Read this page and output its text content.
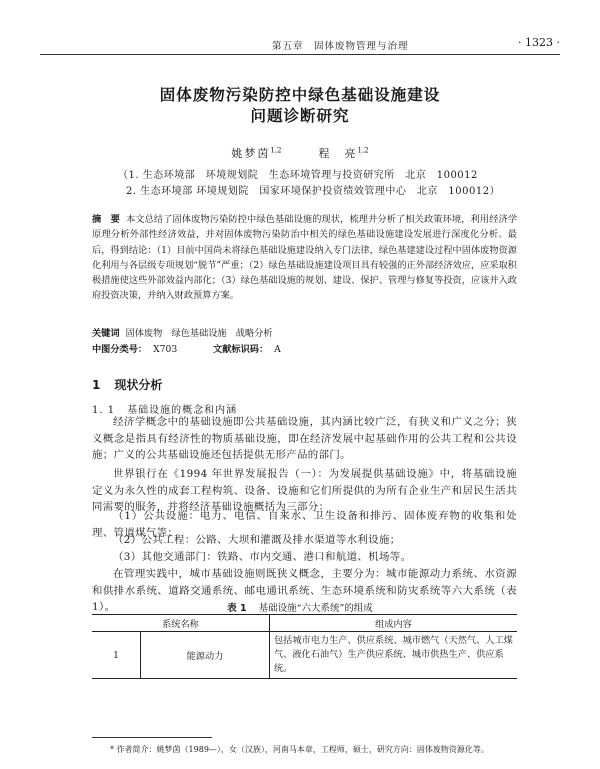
第五章　固体废物管理与治理	· 1323 ·
固体废物污染防控中绿色基础设施建设
问题诊断研究
姚梦茵$^{1,2}$	程　亮$^{1,2}$
（1. 生态环境部　环境规划院　生态环境管理与投资研究所　北京　100012
2. 生态环境部 环境规划院　国家环境保护投资绩效管理中心　北京　100012）
摘　要 本文总结了固体废物污染防控中绿色基础设施的现状，梳理并分析了相关政策环境，利用经济学原理分析外部性经济效益，并对固体废物污染防治中相关的绿色基础设施建设发展进行深度化分析。最后，得到结论：（1）目前中国尚未将绿色基础设施建设纳入专门法律，绿色基建建设过程中固体废物资源化利用与各层级专项规划“脱节”严重；（2）绿色基础设施建设项目具有较强的正外部经济效应，应采取积极措施使这些外部效益内部化；（3）绿色基础设施的规划、建设、保护、管理与修复等投资，应该并入政府投资决策，并纳入财政预算方案。
关键词 固体废物　绿色基础设施　战略分析
中图分类号： X703	文献标识码： A
1 现状分析
1. 1 基础设施的概念和内涵

经济学概念中的基础设施即公共基础设施，其内涵比较广泛，有狭义和广义之分；狭义概念是指具有经济性的物质基础设施，即在经济发展中起基础作用的公共工程和公共设施；广义的公共基础设施还包括提供无形产品的部门。

世界银行在《1994 年世界发展报告（一）：为发展提供基础设施》中，将基础设施定义为永久性的成套工程构筑、设备、设施和它们所提供的为所有企业生产和居民生活共同需要的服务，并将经济基础设施概括为三部分：

（1）公共设施：电力、电信、自来水、卫生设备和排污、固体废弃物的收集和处理、管道煤气等；

（2）公共工程：公路、大坝和灌溉及排水渠道等水利设施；

（3）其他交通部门：铁路、市内交通、港口和航道、机场等。

在管理实践中，城市基础设施则既狭义概念，主要分为：城市能源动力系统、水资源和供排水系统、道路交通系统、邮电通讯系统、生态环境系统和防灾系统等六大系统（表 1）。	表 1 基础设施“六大系统”的组成
系统名称		组成内容
1	能源动力	包括城市电力生产、供应系统、城市燃气（天然气、人工煤气、液化石油气）生产供应系统、城市供热生产、供应系统。
* 作者简介：姚梦茵（1989—），女（汉族），河南马本章，工程师，硕士，研究方向：固体废物资源化等。
